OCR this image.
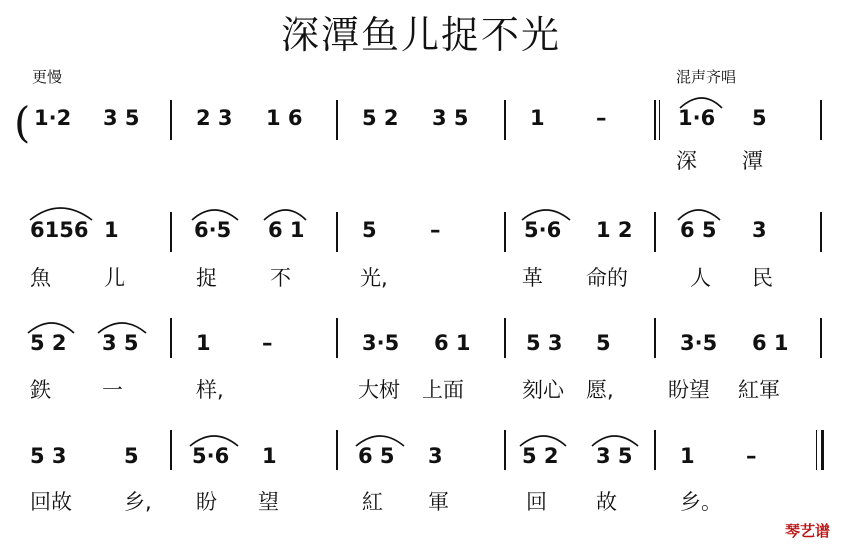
深潭鱼儿捉不光
更慢	混声齐唱
( 1·2 3 5	2 3 1 6	5 2 3 5	1 –	1·6 5
深 潭
6156 1	6·5 6 1	5	–	5·6 1 2 6 5 3
魚	儿	捉	不	光,	革 命的	人 民
5 2 3 5	1 –	3·5 6 1	5 3 5	3·5 6 1
鉄 一	样,	大树 上面	刻心 愿,	盼望 紅軍
5 3	5	5·6 1	6 5 3	5 2 3 5 1 –
回故 乡, 盼 望	紅 軍	回 故	乡。
琴艺谱
